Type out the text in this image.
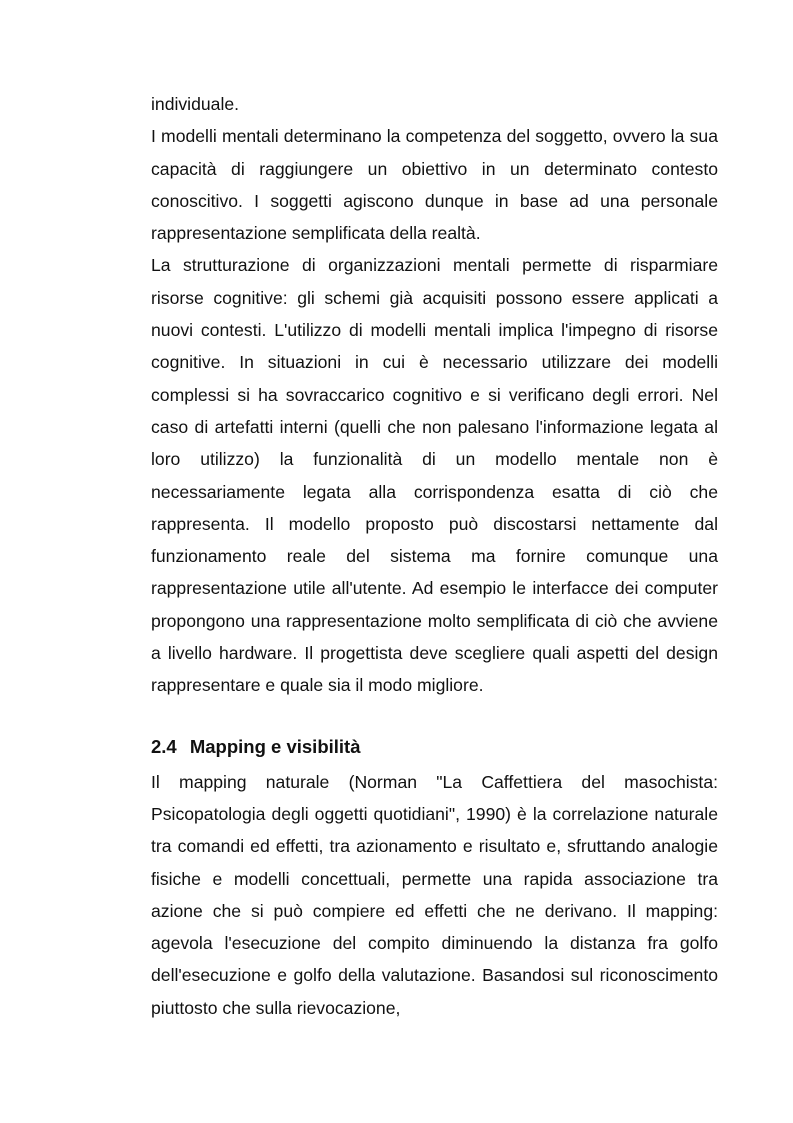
individuale.

I modelli mentali determinano la competenza del soggetto, ovvero la sua capacità di raggiungere un obiettivo in un determinato contesto conoscitivo. I soggetti agiscono dunque in base ad una personale rappresentazione semplificata della realtà.

La strutturazione di organizzazioni mentali permette di risparmiare risorse cognitive: gli schemi già acquisiti possono essere applicati a nuovi contesti. L'utilizzo di modelli mentali implica l'impegno di risorse cognitive. In situazioni in cui è necessario utilizzare dei modelli complessi si ha sovraccarico cognitivo e si verificano degli errori. Nel caso di artefatti interni (quelli che non palesano l'informazione legata al loro utilizzo) la funzionalità di un modello mentale non è necessariamente legata alla corrispondenza esatta di ciò che rappresenta. Il modello proposto può discostarsi nettamente dal funzionamento reale del sistema ma fornire comunque una rappresentazione utile all'utente. Ad esempio le interfacce dei computer propongono una rappresentazione molto semplificata di ciò che avviene a livello hardware. Il progettista deve scegliere quali aspetti del design rappresentare e quale sia il modo migliore.

2.4 Mapping e visibilità

Il mapping naturale (Norman "La Caffettiera del masochista: Psicopatologia degli oggetti quotidiani", 1990) è la correlazione naturale tra comandi ed effetti, tra azionamento e risultato e, sfruttando analogie fisiche e modelli concettuali, permette una rapida associazione tra azione che si può compiere ed effetti che ne derivano. Il mapping: agevola l'esecuzione del compito diminuendo la distanza fra golfo dell'esecuzione e golfo della valutazione. Basandosi sul riconoscimento piuttosto che sulla rievocazione,
